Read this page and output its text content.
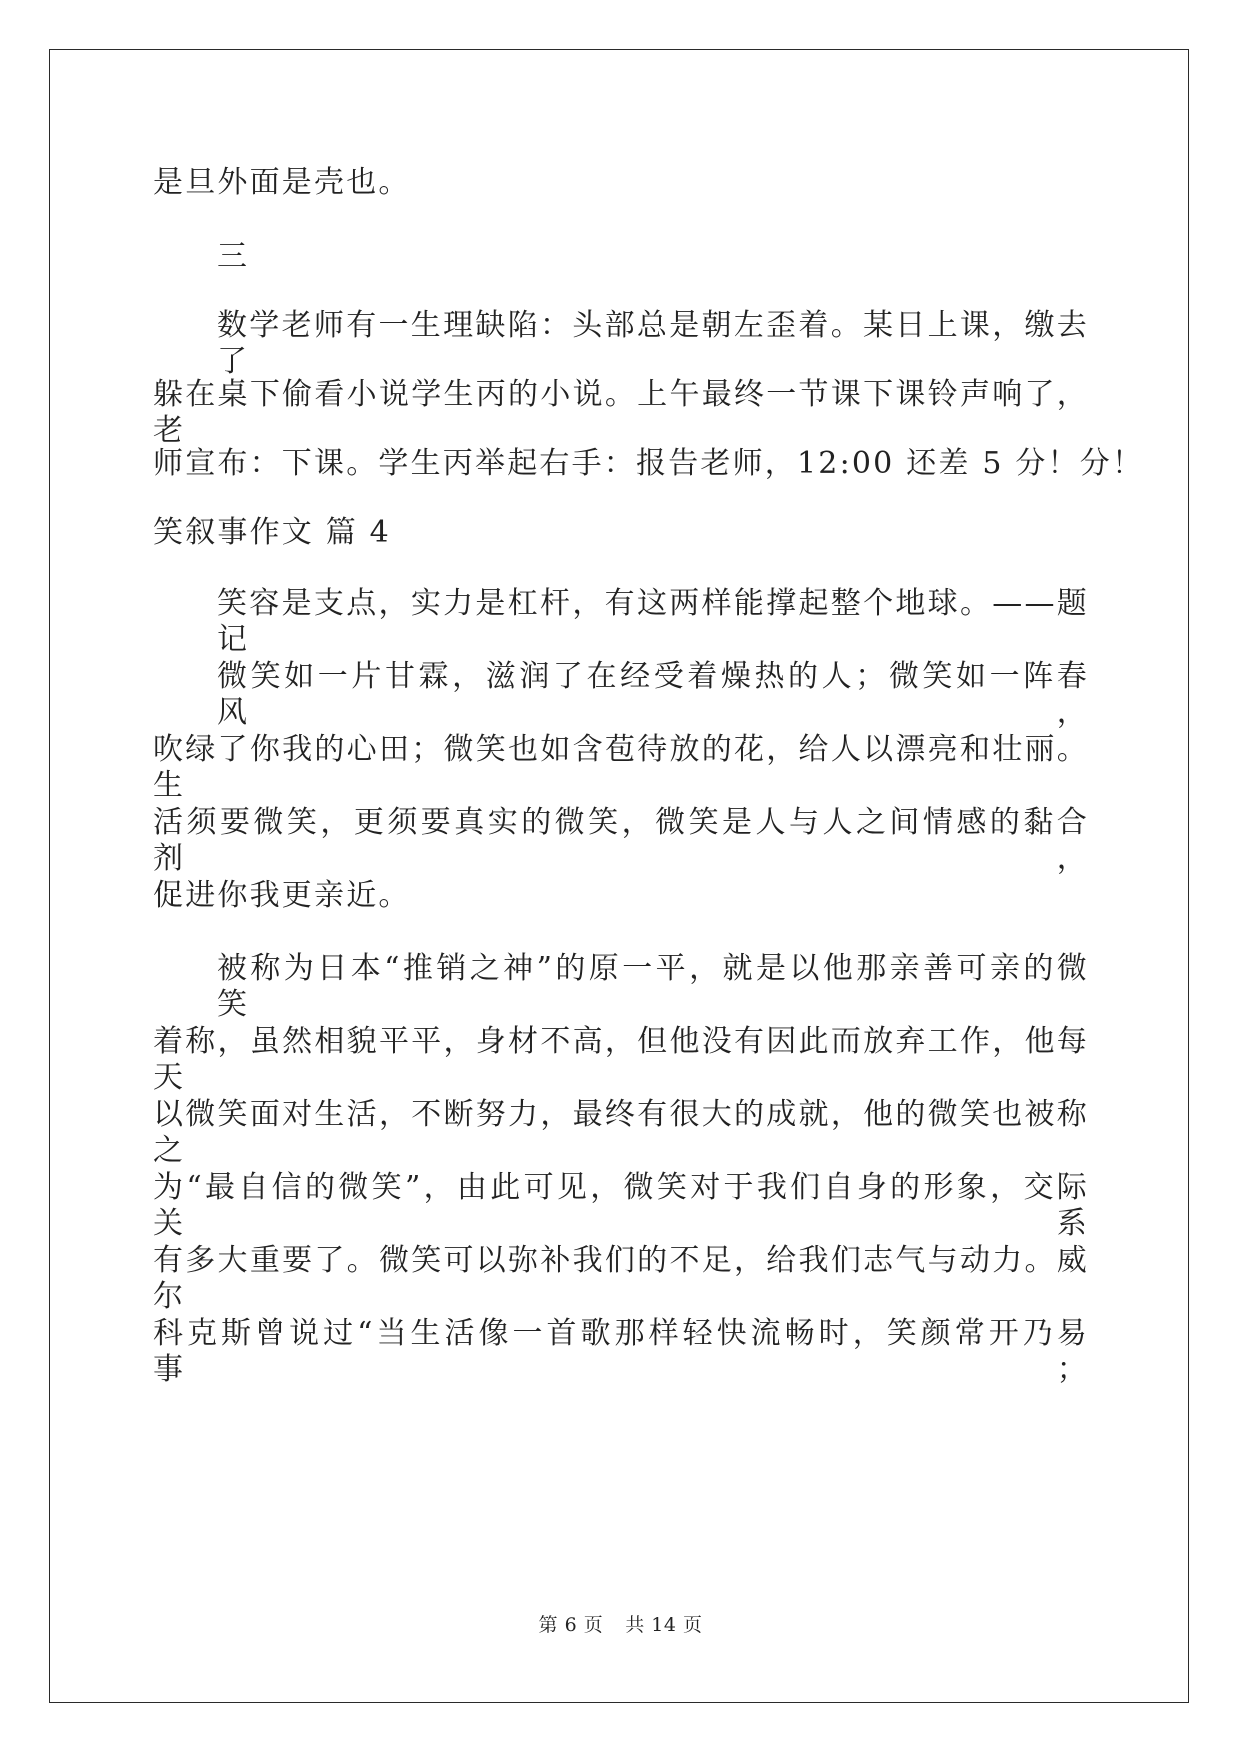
是旦外面是壳也。
三
数学老师有一生理缺陷：头部总是朝左歪着。某日上课，缴去了
躲在桌下偷看小说学生丙的小说。上午最终一节课下课铃声响了，老
师宣布：下课。学生丙举起右手：报告老师，12:00 还差 5 分！分！
笑叙事作文 篇 4
笑容是支点，实力是杠杆，有这两样能撑起整个地球。——题记
微笑如一片甘霖，滋润了在经受着燥热的人；微笑如一阵春风，
吹绿了你我的心田；微笑也如含苞待放的花，给人以漂亮和壮丽。生
活须要微笑，更须要真实的微笑，微笑是人与人之间情感的黏合剂，
促进你我更亲近。
被称为日本“推销之神”的原一平，就是以他那亲善可亲的微笑
着称，虽然相貌平平，身材不高，但他没有因此而放弃工作，他每天
以微笑面对生活，不断努力，最终有很大的成就，他的微笑也被称之
为“最自信的微笑”，由此可见，微笑对于我们自身的形象，交际关系
有多大重要了。微笑可以弥补我们的不足，给我们志气与动力。威尔
科克斯曾说过“当生活像一首歌那样轻快流畅时，笑颜常开乃易事；
第 6 页 共 14 页
